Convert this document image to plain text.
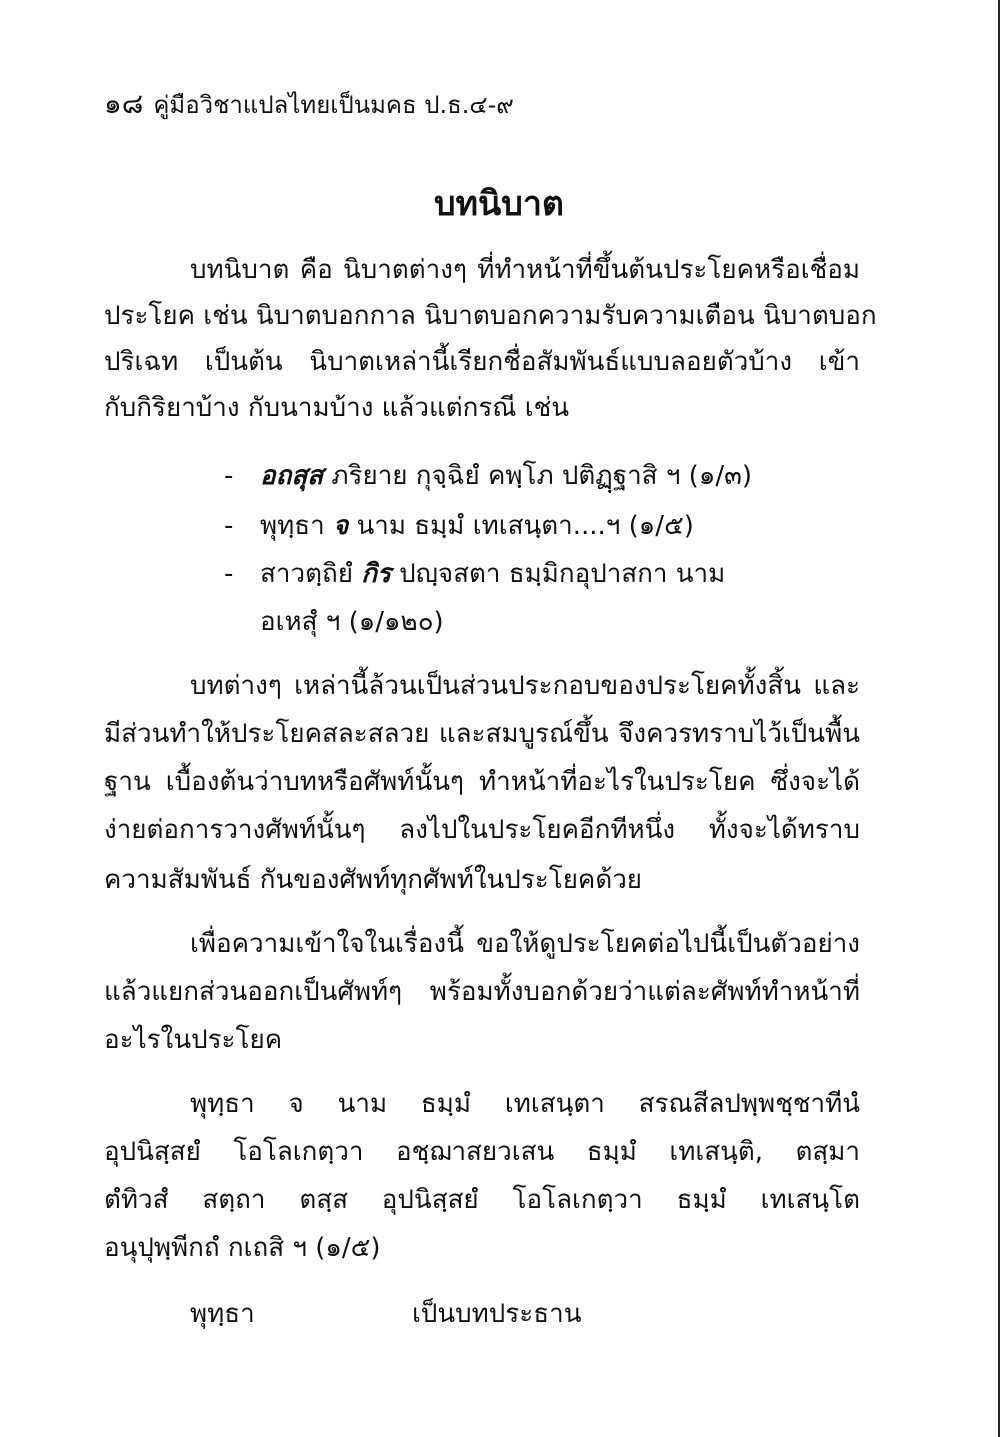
๑๘ คู่มือวิชาแปลไทยเป็นมคธ ป.ธ.๔-๙
บทนิบาต
บทนิบาต คือ นิบาตต่างๆ ที่ทำหน้าที่ขึ้นต้นประโยคหรือเชื่อม
ประโยค เช่น นิบาตบอกกาล นิบาตบอกความรับความเตือน นิบาตบอก
ปริเฉท เป็นต้น นิบาตเหล่านี้เรียกชื่อสัมพันธ์แบบลอยตัวบ้าง เข้า
กับกิริยาบ้าง กับนามบ้าง แล้วแต่กรณี เช่น
- อถสุส ภริยาย กุจฺฉิยํ คพฺโภ ปติฏฺฐาสิ ฯ (๑/๓)
- พุทฺธา จ นาม ธมฺมํ เทเสนฺตา....ฯ (๑/๕)
- สาวตฺถิยํ กิร ปญฺจสตา ธมฺมิกอุปาสกา นาม
อเหสุํ ฯ (๑/๑๒๐)
บทต่างๆ เหล่านี้ล้วนเป็นส่วนประกอบของประโยคทั้งสิ้น และ
มีส่วนทำให้ประโยคสละสลวย และสมบูรณ์ขึ้น จึงควรทราบไว้เป็นพื้น
ฐาน เบื้องต้นว่าบทหรือศัพท์นั้นๆ ทำหน้าที่อะไรในประโยค ซึ่งจะได้
ง่ายต่อการวางศัพท์นั้นๆ ลงไปในประโยคอีกทีหนึ่ง ทั้งจะได้ทราบ
ความสัมพันธ์ กันของศัพท์ทุกศัพท์ในประโยคด้วย
เพื่อความเข้าใจในเรื่องนี้ ขอให้ดูประโยคต่อไปนี้เป็นตัวอย่าง
แล้วแยกส่วนออกเป็นศัพท์ๆ พร้อมทั้งบอกด้วยว่าแต่ละศัพท์ทำหน้าที่
อะไรในประโยค
พุทฺธา จ นาม ธมฺมํ เทเสนฺตา สรณสีลปพฺพชฺชาทีนํ
อุปนิสฺสยํ โอโลเกตฺวา อชฺฌาสยวเสน ธมฺมํ เทเสนฺติ, ตสฺมา
ตํทิวสํ สตฺถา ตสฺส อุปนิสฺสยํ โอโลเกตฺวา ธมฺมํ เทเสนฺโต
อนุปุพฺพีกถํ กเถสิ ฯ (๑/๕)
พุทฺธา	เป็นบทประธาน
